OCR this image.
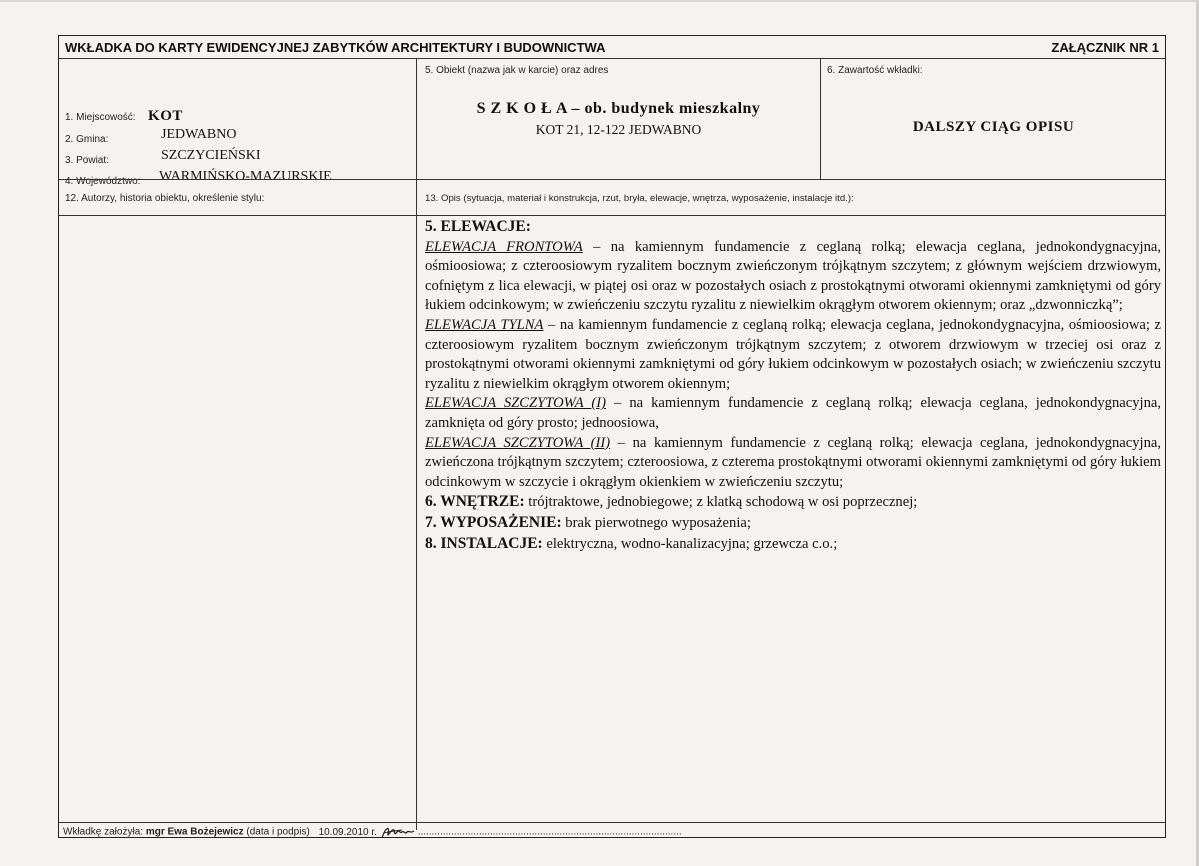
WKŁADKA DO KARTY EWIDENCYJNEJ ZABYTKÓW ARCHITEKTURY I BUDOWNICTWA	ZAŁĄCZNIK NR 1
1. Miejscowość: KOT
2. Gmina:	JEDWABNO
3. Powiat:	SZCZYCIEŃSKI
4. Województwo: WARMIŃSKO-MAZURSKIE
5. Obiekt (nazwa jak w karcie) oraz adres
S Z K O Ł A – ob. budynek mieszkalny
KOT 21, 12-122 JEDWABNO
6. Zawartość wkładki:
DALSZY CIĄG OPISU
12. Autorzy, historia obiektu, określenie stylu:	13. Opis (sytuacja, materiał i konstrukcja, rzut, bryła, elewacje, wnętrza, wyposażenie, instalacje itd.):

5. ELEWACJE:

ELEWACJA FRONTOWA – na kamiennym fundamencie z ceglaną rolką; elewacja ceglana, jednokondygnacyjna, ośmioosiowa; z czteroosiowym ryzalitem bocznym zwieńczonym trójkątnym szczytem; z głównym wejściem drzwiowym, cofniętym z lica elewacji, w piątej osi oraz w pozostałych osiach z prostokątnymi otworami okiennymi zamkniętymi od góry łukiem odcinkowym; w zwieńczeniu szczytu ryzalitu z niewielkim okrągłym otworem okiennym; oraz „dzwonniczką”;

ELEWACJA TYLNA – na kamiennym fundamencie z ceglaną rolką; elewacja ceglana, jednokondygnacyjna, ośmioosiowa; z czteroosiowym ryzalitem bocznym zwieńczonym trójkątnym szczytem; z otworem drzwiowym w trzeciej osi oraz z prostokątnymi otworami okiennymi zamkniętymi od góry łukiem odcinkowym w pozostałych osiach; w zwieńczeniu szczytu ryzalitu z niewielkim okrągłym otworem okiennym;

ELEWACJA SZCZYTOWA (I) – na kamiennym fundamencie z ceglaną rolką; elewacja ceglana, jednokondygnacyjna, zamknięta od góry prosto; jednoosiowa,

ELEWACJA SZCZYTOWA (II) – na kamiennym fundamencie z ceglaną rolką; elewacja ceglana, jednokondygnacyjna, zwieńczona trójkątnym szczytem; czteroosiowa, z czterema prostokątnymi otworami okiennymi zamkniętymi od góry łukiem odcinkowym w szczycie i okrągłym okienkiem w zwieńczeniu szczytu;

6. WNĘTRZE: trójtraktowe, jednobiegowe; z klatką schodową w osi poprzecznej;

7. WYPOSAŻENIE: brak pierwotnego wyposażenia;

8. INSTALACJE: elektryczna, wodno-kanalizacyjna; grzewcza c.o.;

Wkładkę założyła: mgr Ewa Bożejewicz (data i podpis) 10.09.2010 r.	...............................................................................................
